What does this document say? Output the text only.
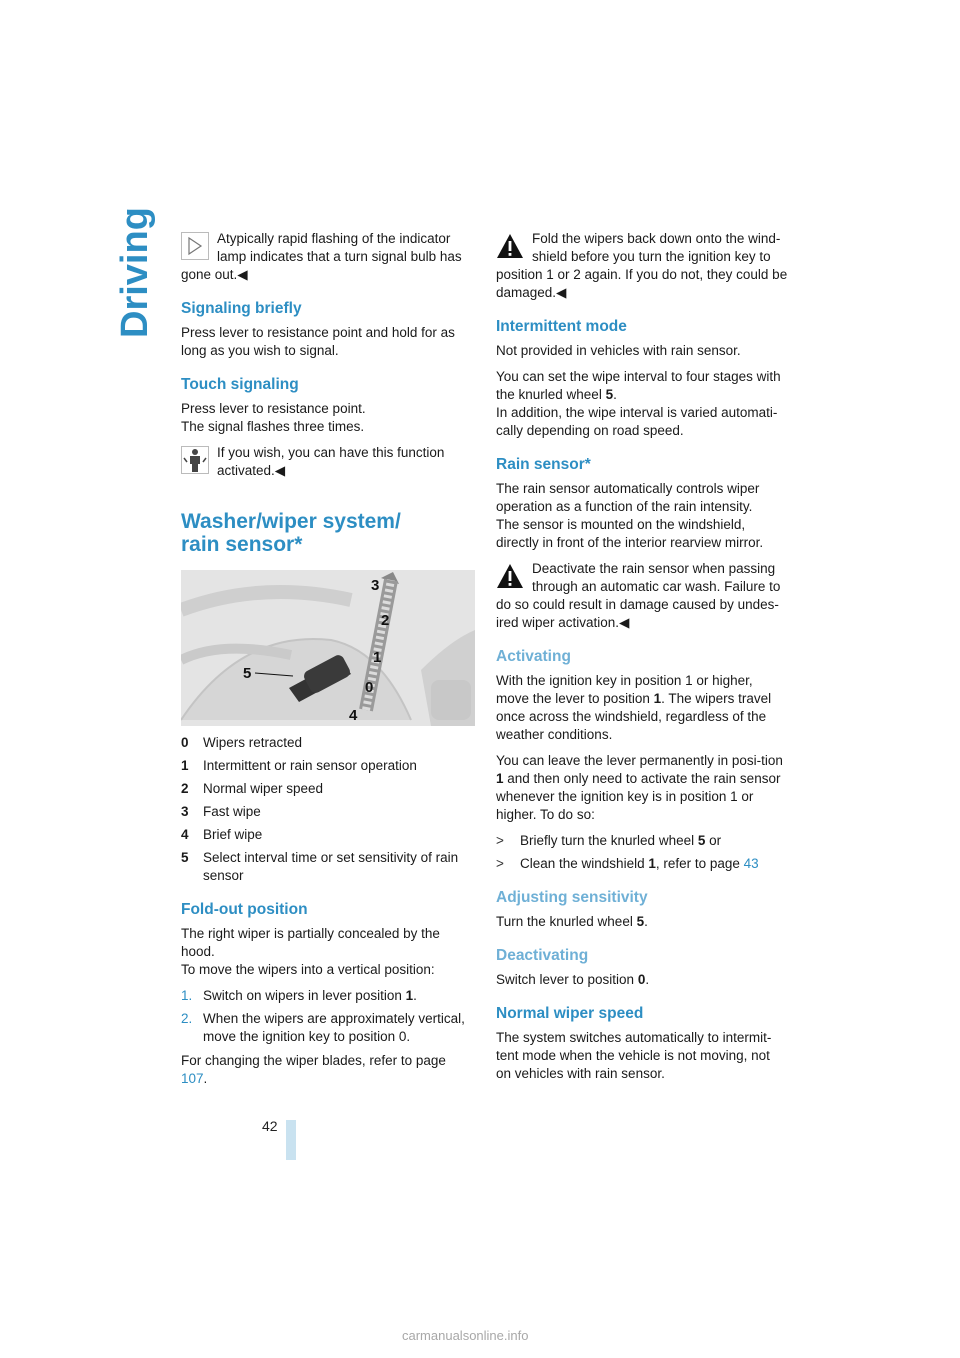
Driving	Atypically rapid flashing of the indicator lamp indicates that a turn signal bulb has
gone out.◀
Signaling briefly

Press lever to resistance point and hold for as long as you wish to signal.

Touch signaling

Press lever to resistance point.

The signal flashes three times.

If you wish, you can have this function activated.◀
Washer/wiper system/
rain sensor*
3
2
1
0
4
5
0	Wipers retracted
1	Intermittent or rain sensor operation
2	Normal wiper speed
3	Fast wipe
4	Brief wipe
5	Select interval time or set sensitivity of rain sensor
Fold-out position

The right wiper is partially concealed by the hood.

To move the wipers into a vertical position:

1. Switch on wipers in lever position 1.
2. When the wipers are approximately vertical, move the ignition key to position 0.

For changing the wiper blades, refer to page 107.

Fold the wipers back down onto the wind-shield before you turn the ignition key to
position 1 or 2 again. If you do not, they could be damaged.◀
Intermittent mode

Not provided in vehicles with rain sensor.

You can set the wipe interval to four stages with the knurled wheel 5.

In addition, the wipe interval is varied automati-cally depending on road speed.

Rain sensor*

The rain sensor automatically controls wiper operation as a function of the rain intensity.

The sensor is mounted on the windshield, directly in front of the interior rearview mirror.

Deactivate the rain sensor when passing through an automatic car wash. Failure to
do so could result in damage caused by undes-ired wiper activation.◀
Activating

With the ignition key in position 1 or higher, move the lever to position 1. The wipers travel once across the windshield, regardless of the weather conditions.

You can leave the lever permanently in posi-tion 1 and then only need to activate the rain sensor whenever the ignition key is in position 1 or higher. To do so:

>	Briefly turn the knurled wheel 5 or
>	Clean the windshield 1, refer to page 43
Adjusting sensitivity

Turn the knurled wheel 5.

Deactivating

Switch lever to position 0.

Normal wiper speed

The system switches automatically to intermit-tent mode when the vehicle is not moving, not on vehicles with rain sensor.

42
carmanualsonline.info
